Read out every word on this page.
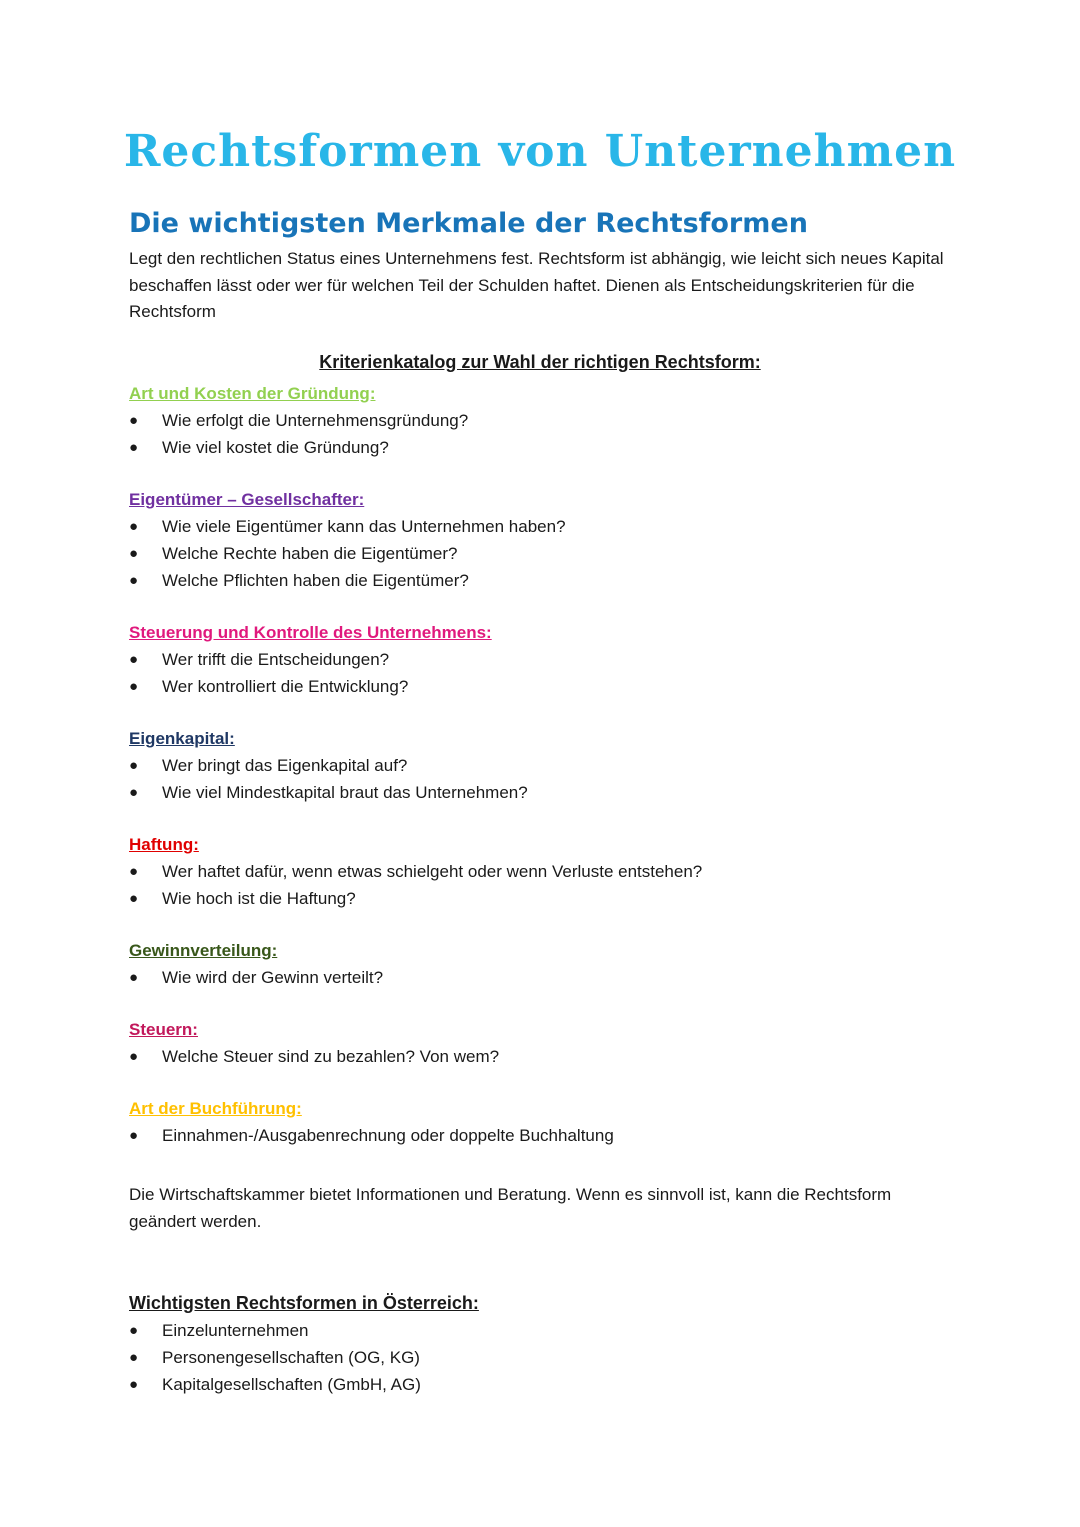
Rechtsformen von Unternehmen
Die wichtigsten Merkmale der Rechtsformen

Legt den rechtlichen Status eines Unternehmens fest. Rechtsform ist abhängig, wie leicht sich neues Kapital beschaffen lässt oder wer für welchen Teil der Schulden haftet. Dienen als Entscheidungskriterien für die Rechtsform

Kriterienkatalog zur Wahl der richtigen Rechtsform:

Art und Kosten der Gründung:

● Wie erfolgt die Unternehmensgründung?
● Wie viel kostet die Gründung?

Eigentümer – Gesellschafter:

● Wie viele Eigentümer kann das Unternehmen haben?
● Welche Rechte haben die Eigentümer?
● Welche Pflichten haben die Eigentümer?

Steuerung und Kontrolle des Unternehmens:

● Wer trifft die Entscheidungen?
● Wer kontrolliert die Entwicklung?

Eigenkapital:

● Wer bringt das Eigenkapital auf?
● Wie viel Mindestkapital braut das Unternehmen?

Haftung:

● Wer haftet dafür, wenn etwas schielgeht oder wenn Verluste entstehen?
● Wie hoch ist die Haftung?

Gewinnverteilung:

● Wie wird der Gewinn verteilt?

Steuern:

● Welche Steuer sind zu bezahlen? Von wem?

Art der Buchführung:

● Einnahmen-/Ausgabenrechnung oder doppelte Buchhaltung

Die Wirtschaftskammer bietet Informationen und Beratung. Wenn es sinnvoll ist, kann die Rechtsform geändert werden.

Wichtigsten Rechtsformen in Österreich:

● Einzelunternehmen
● Personengesellschaften (OG, KG)
● Kapitalgesellschaften (GmbH, AG)
